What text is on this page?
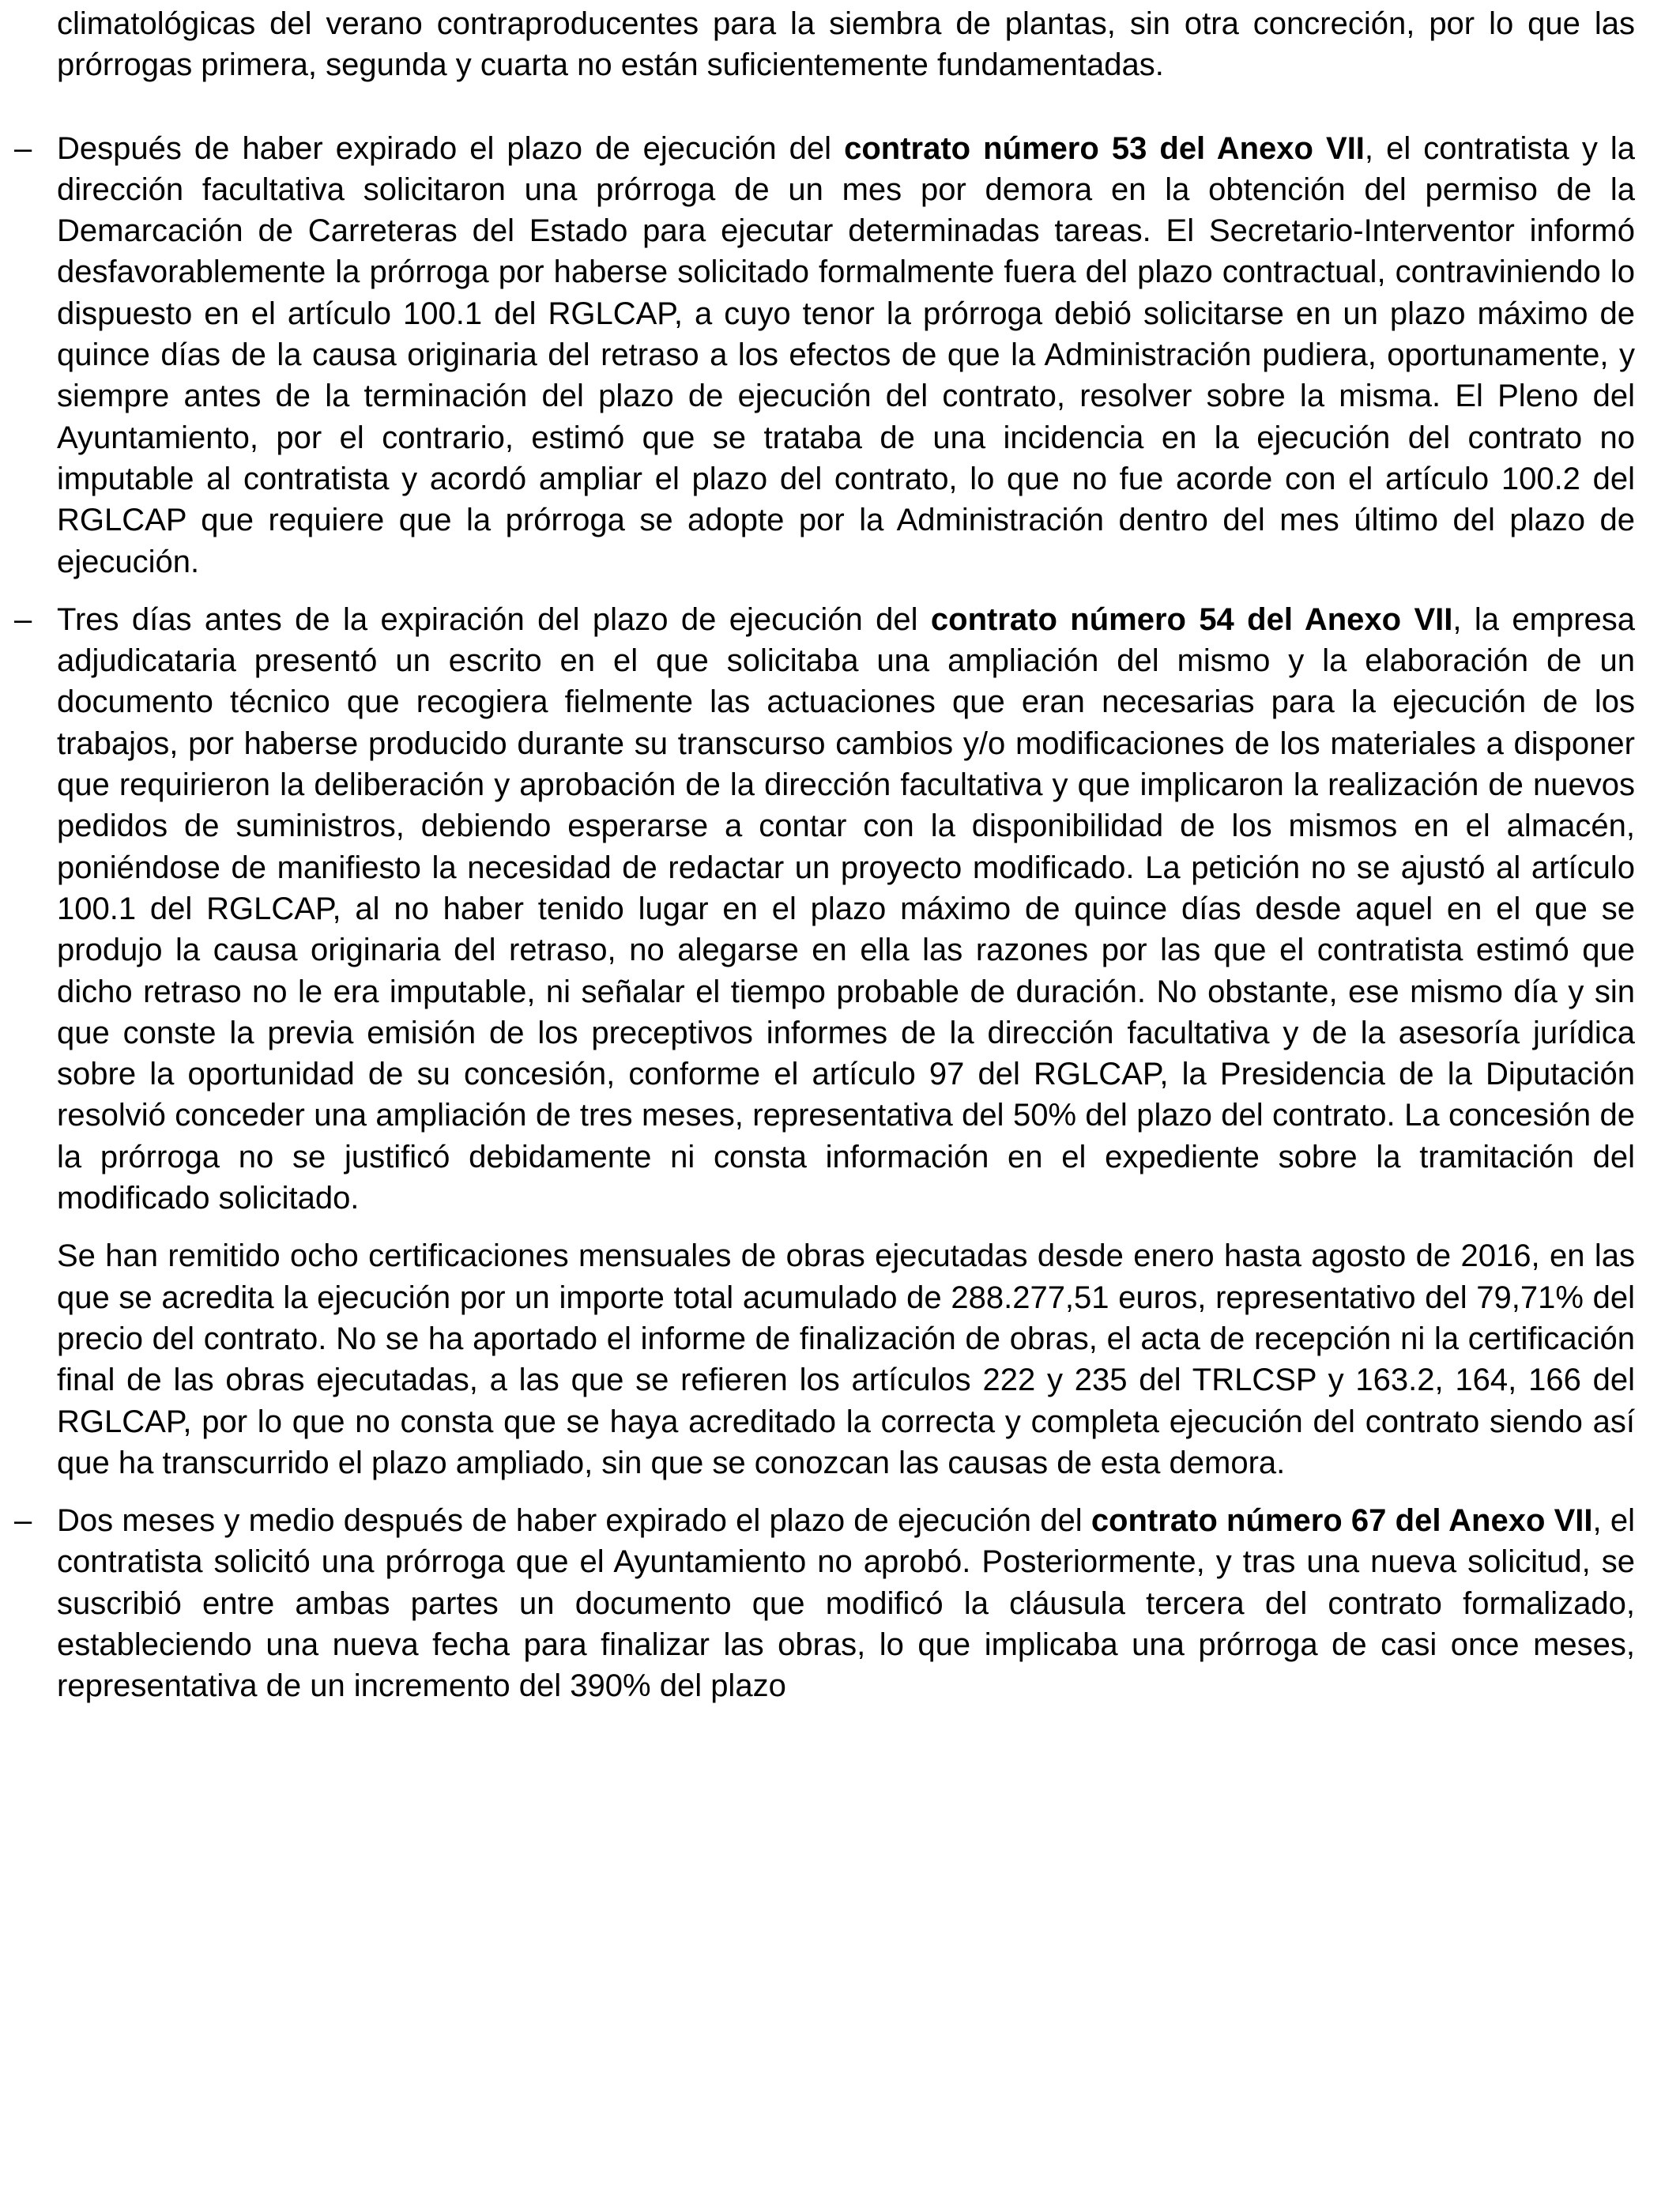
climatológicas del verano contraproducentes para la siembra de plantas, sin otra concreción, por lo que las prórrogas primera, segunda y cuarta no están suficientemente fundamentadas.

– Después de haber expirado el plazo de ejecución del contrato número 53 del Anexo VII, el contratista y la dirección facultativa solicitaron una prórroga de un mes por demora en la obtención del permiso de la Demarcación de Carreteras del Estado para ejecutar determinadas tareas. El Secretario-Interventor informó desfavorablemente la prórroga por haberse solicitado formalmente fuera del plazo contractual, contraviniendo lo dispuesto en el artículo 100.1 del RGLCAP, a cuyo tenor la prórroga debió solicitarse en un plazo máximo de quince días de la causa originaria del retraso a los efectos de que la Administración pudiera, oportunamente, y siempre antes de la terminación del plazo de ejecución del contrato, resolver sobre la misma. El Pleno del Ayuntamiento, por el contrario, estimó que se trataba de una incidencia en la ejecución del contrato no imputable al contratista y acordó ampliar el plazo del contrato, lo que no fue acorde con el artículo 100.2 del RGLCAP que requiere que la prórroga se adopte por la Administración dentro del mes último del plazo de ejecución.

– Tres días antes de la expiración del plazo de ejecución del contrato número 54 del Anexo VII, la empresa adjudicataria presentó un escrito en el que solicitaba una ampliación del mismo y la elaboración de un documento técnico que recogiera fielmente las actuaciones que eran necesarias para la ejecución de los trabajos, por haberse producido durante su transcurso cambios y/o modificaciones de los materiales a disponer que requirieron la deliberación y aprobación de la dirección facultativa y que implicaron la realización de nuevos pedidos de suministros, debiendo esperarse a contar con la disponibilidad de los mismos en el almacén, poniéndose de manifiesto la necesidad de redactar un proyecto modificado. La petición no se ajustó al artículo 100.1 del RGLCAP, al no haber tenido lugar en el plazo máximo de quince días desde aquel en el que se produjo la causa originaria del retraso, no alegarse en ella las razones por las que el contratista estimó que dicho retraso no le era imputable, ni señalar el tiempo probable de duración. No obstante, ese mismo día y sin que conste la previa emisión de los preceptivos informes de la dirección facultativa y de la asesoría jurídica sobre la oportunidad de su concesión, conforme el artículo 97 del RGLCAP, la Presidencia de la Diputación resolvió conceder una ampliación de tres meses, representativa del 50% del plazo del contrato. La concesión de la prórroga no se justificó debidamente ni consta información en el expediente sobre la tramitación del modificado solicitado.

Se han remitido ocho certificaciones mensuales de obras ejecutadas desde enero hasta agosto de 2016, en las que se acredita la ejecución por un importe total acumulado de 288.277,51 euros, representativo del 79,71% del precio del contrato. No se ha aportado el informe de finalización de obras, el acta de recepción ni la certificación final de las obras ejecutadas, a las que se refieren los artículos 222 y 235 del TRLCSP y 163.2, 164, 166 del RGLCAP, por lo que no consta que se haya acreditado la correcta y completa ejecución del contrato siendo así que ha transcurrido el plazo ampliado, sin que se conozcan las causas de esta demora.

– Dos meses y medio después de haber expirado el plazo de ejecución del contrato número 67 del Anexo VII, el contratista solicitó una prórroga que el Ayuntamiento no aprobó. Posteriormente, y tras una nueva solicitud, se suscribió entre ambas partes un documento que modificó la cláusula tercera del contrato formalizado, estableciendo una nueva fecha para finalizar las obras, lo que implicaba una prórroga de casi once meses, representativa de un incremento del 390% del plazo
